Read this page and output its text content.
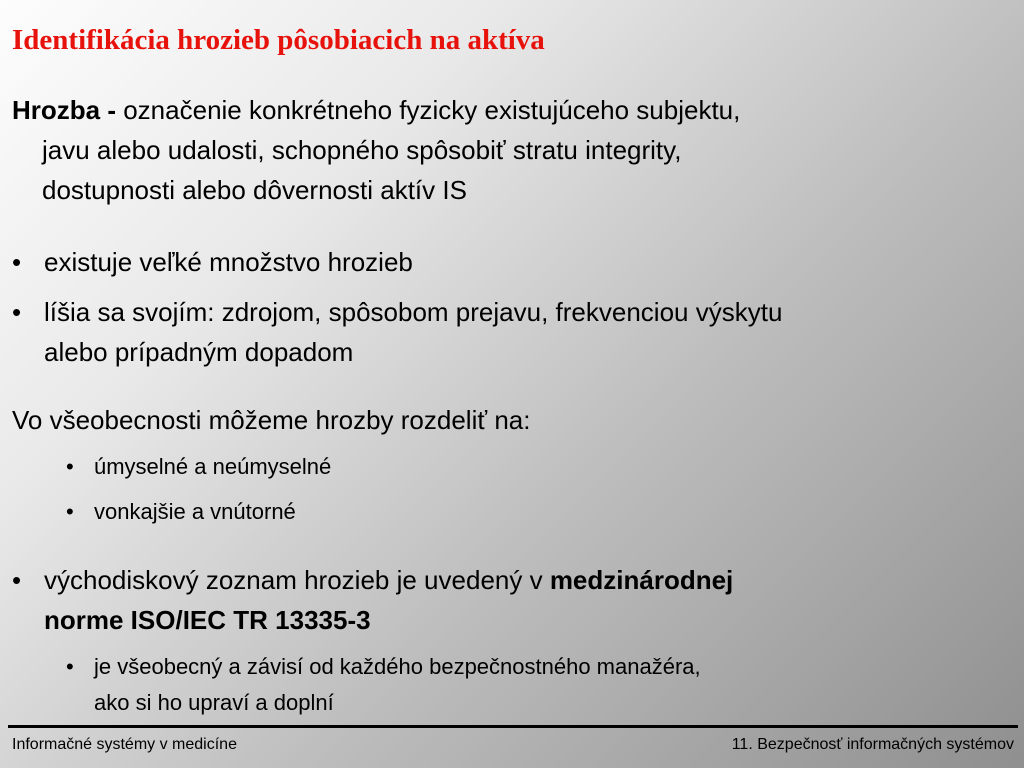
Identifikácia hrozieb pôsobiacich na aktíva
Hrozba - označenie konkrétneho fyzicky existujúceho subjektu,
javu alebo udalosti, schopného spôsobiť stratu integrity,
dostupnosti alebo dôvernosti aktív IS
• existuje veľké množstvo hrozieb
• líšia sa svojím: zdrojom, spôsobom prejavu, frekvenciou výskytu
alebo prípadným dopadom
Vo všeobecnosti môžeme hrozby rozdeliť na:
• úmyselné a neúmyselné
• vonkajšie a vnútorné
• východiskový zoznam hrozieb je uvedený v medzinárodnej
norme ISO/IEC TR 13335-3
• je všeobecný a závisí od každého bezpečnostného manažéra,
ako si ho upraví a doplní
Informačné systémy v medicíne	11. Bezpečnosť informačných systémov
